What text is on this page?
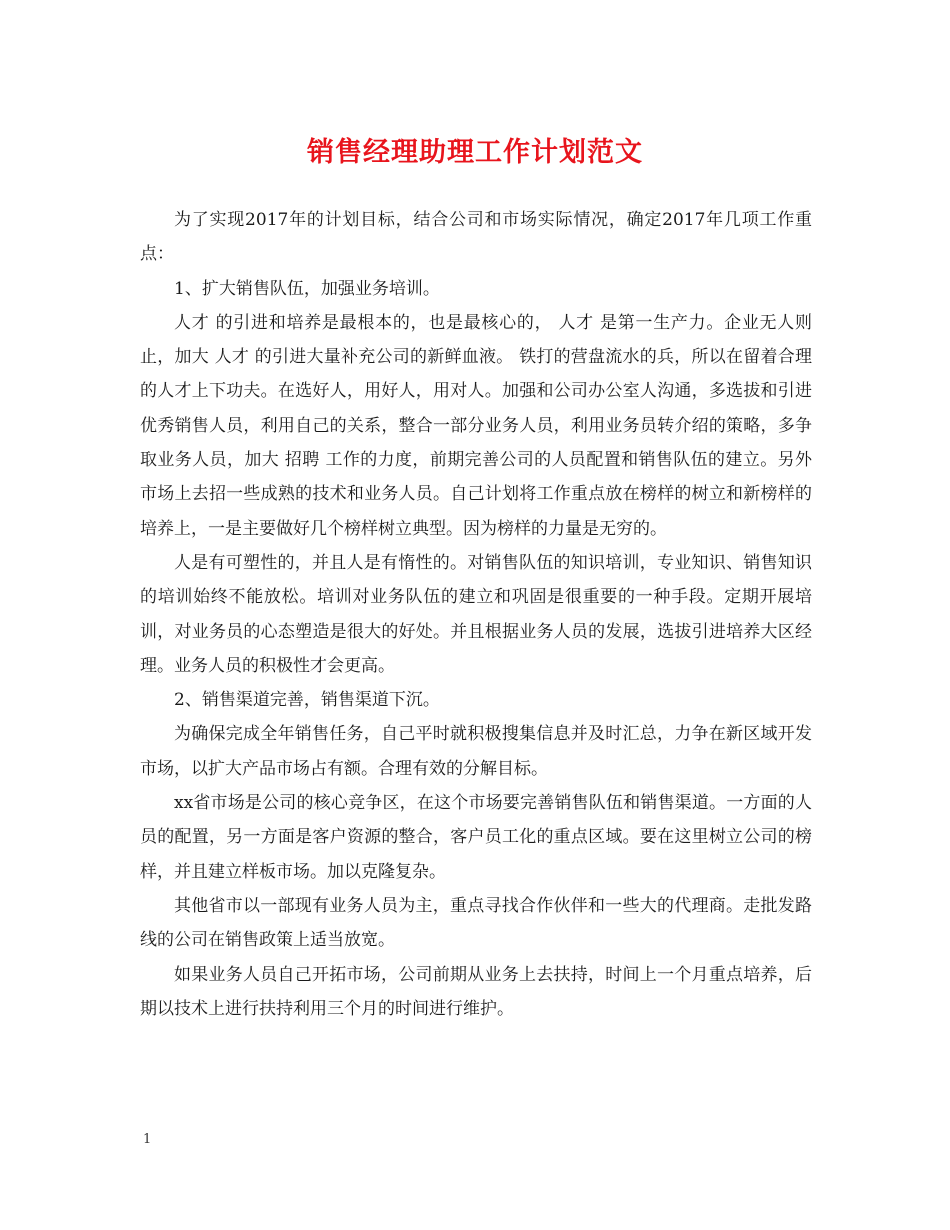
销售经理助理工作计划范文

为了实现2017年的计划目标，结合公司和市场实际情况，确定2017年几项工作重点：

1、扩大销售队伍，加强业务培训。

人才 的引进和培养是最根本的，也是最核心的， 人才 是第一生产力。企业无人则止，加大 人才 的引进大量补充公司的新鲜血液。 铁打的营盘流水的兵，所以在留着合理的人才上下功夫。在选好人，用好人，用对人。加强和公司办公室人沟通，多选拔和引进优秀销售人员，利用自己的关系，整合一部分业务人员，利用业务员转介绍的策略，多争取业务人员，加大 招聘 工作的力度，前期完善公司的人员配置和销售队伍的建立。另外市场上去招一些成熟的技术和业务人员。自己计划将工作重点放在榜样的树立和新榜样的培养上，一是主要做好几个榜样树立典型。因为榜样的力量是无穷的。

人是有可塑性的，并且人是有惰性的。对销售队伍的知识培训，专业知识、销售知识的培训始终不能放松。培训对业务队伍的建立和巩固是很重要的一种手段。定期开展培训，对业务员的心态塑造是很大的好处。并且根据业务人员的发展，选拔引进培养大区经理。业务人员的积极性才会更高。

2、销售渠道完善，销售渠道下沉。

为确保完成全年销售任务，自己平时就积极搜集信息并及时汇总，力争在新区域开发市场，以扩大产品市场占有额。合理有效的分解目标。

xx省市场是公司的核心竞争区，在这个市场要完善销售队伍和销售渠道。一方面的人员的配置，另一方面是客户资源的整合，客户员工化的重点区域。要在这里树立公司的榜样，并且建立样板市场。加以克隆复杂。

其他省市以一部现有业务人员为主，重点寻找合作伙伴和一些大的代理商。走批发路线的公司在销售政策上适当放宽。

如果业务人员自己开拓市场，公司前期从业务上去扶持，时间上一个月重点培养，后期以技术上进行扶持利用三个月的时间进行维护。

1
